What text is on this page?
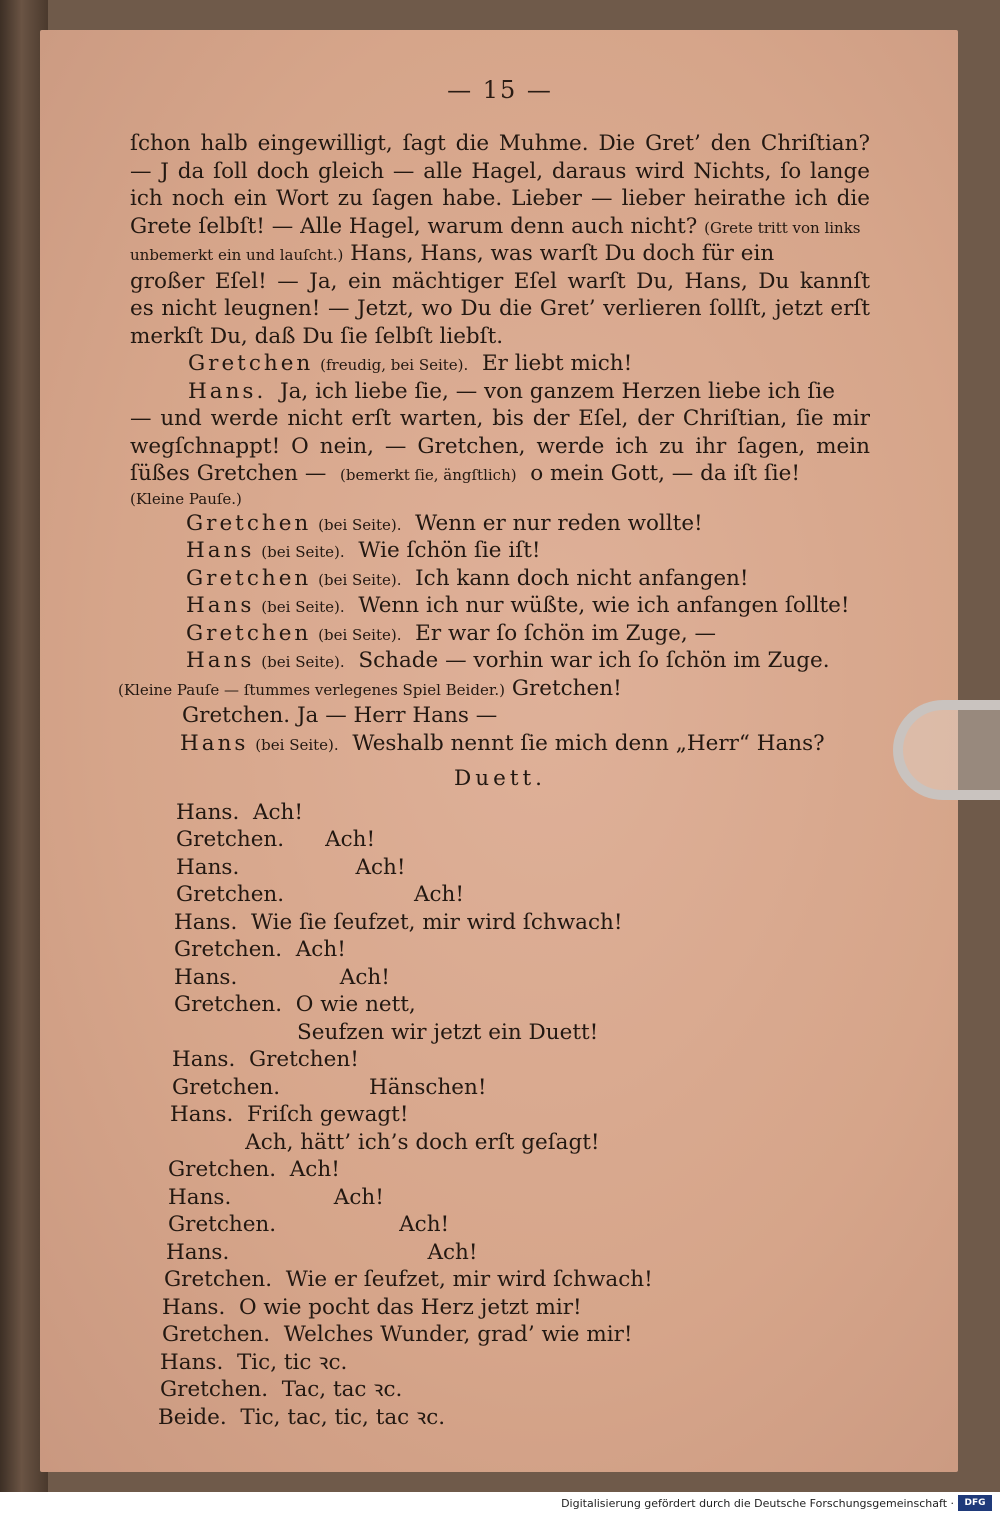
— 15 —
ſchon halb eingewilligt, ſagt die Muhme. Die Gret’ den Chriſtian?
— J da ſoll doch gleich — alle Hagel, daraus wird Nichts, ſo lange
ich noch ein Wort zu ſagen habe. Lieber — lieber heirathe ich die
Grete ſelbſt! — Alle Hagel, warum denn auch nicht? (Grete tritt von links
unbemerkt ein und lauſcht.) Hans, Hans, was warſt Du doch für ein
großer Eſel! — Ja, ein mächtiger Eſel warſt Du, Hans, Du kannſt
es nicht leugnen! — Jetzt, wo Du die Gret’ verlieren ſollſt, jetzt erſt
merkſt Du, daß Du ſie ſelbſt liebſt.
Gretchen (freudig, bei Seite). Er liebt mich!
Hans. Ja, ich liebe ſie, — von ganzem Herzen liebe ich ſie
— und werde nicht erſt warten, bis der Eſel, der Chriſtian, ſie mir
wegſchnappt! O nein, — Gretchen, werde ich zu ihr ſagen, mein
ſüßes Gretchen — (bemerkt ſie, ängſtlich) o mein Gott, — da iſt ſie!
(Kleine Pauſe.)
Gretchen (bei Seite). Wenn er nur reden wollte!
Hans (bei Seite). Wie ſchön ſie iſt!
Gretchen (bei Seite). Ich kann doch nicht anfangen!
Hans (bei Seite). Wenn ich nur wüßte, wie ich anfangen ſollte!
Gretchen (bei Seite). Er war ſo ſchön im Zuge, —
Hans (bei Seite). Schade — vorhin war ich ſo ſchön im Zuge.
(Kleine Pauſe — ſtummes verlegenes Spiel Beider.) Gretchen!
Gretchen. Ja — Herr Hans —
Hans (bei Seite). Weshalb nennt ſie mich denn „Herr“ Hans?
Duett.
Hans.  Ach!
Gretchen.      Ach!
Hans.                 Ach!
Gretchen.                   Ach!
Hans.  Wie ſie ſeufzet, mir wird ſchwach!
Gretchen.  Ach!
Hans.               Ach!
Gretchen.  O wie nett,
Seufzen wir jetzt ein Duett!
Hans.  Gretchen!
Gretchen.             Hänschen!
Hans.  Friſch gewagt!
Ach, hätt’ ich’s doch erſt geſagt!
Gretchen.  Ach!
Hans.               Ach!
Gretchen.                  Ach!
Hans.                             Ach!
Gretchen.  Wie er ſeufzet, mir wird ſchwach!
Hans.  O wie pocht das Herz jetzt mir!
Gretchen.  Welches Wunder, grad’ wie mir!
Hans.  Tic, tic ꝛc.
Gretchen.  Tac, tac ꝛc.
Beide.  Tic, tac, tic, tac ꝛc.
Digitalisierung gefördert durch die Deutsche Forschungsgemeinschaft ·	DFG
